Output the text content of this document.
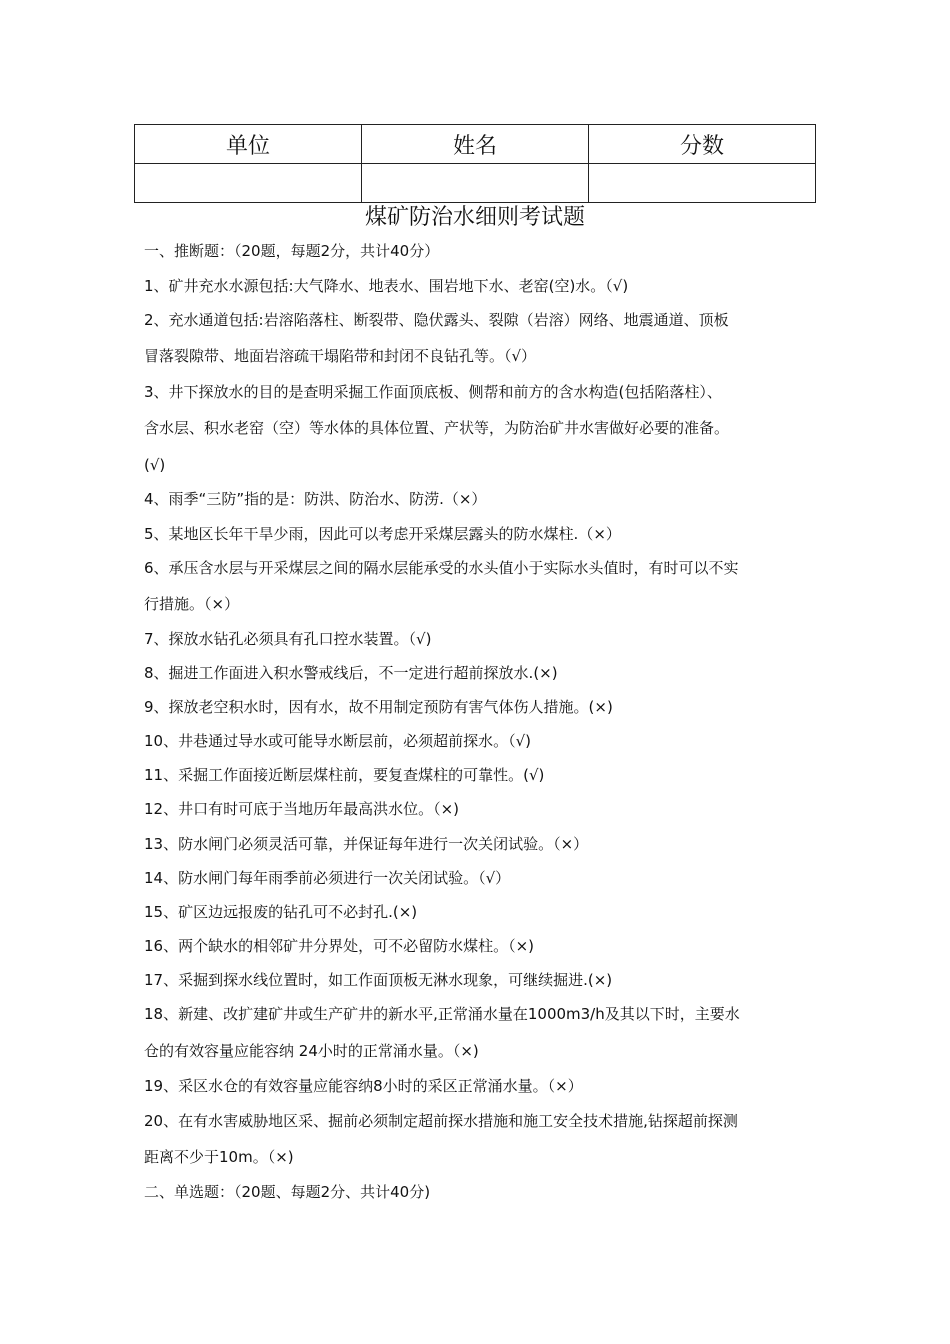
单位	姓名	分数

煤矿防治水细则考试题
一、推断题：（20题，每题2分，共计40分）
1、矿井充水水源包括:大气降水、地表水、围岩地下水、老窑(空)水。（√)
2、充水通道包括:岩溶陷落柱、断裂带、隐伏露头、裂隙（岩溶）网络、地震通道、顶板
冒落裂隙带、地面岩溶疏干塌陷带和封闭不良钻孔等。（√）
3、井下探放水的目的是查明采掘工作面顶底板、侧帮和前方的含水构造(包括陷落柱）、
含水层、积水老窑（空）等水体的具体位置、产状等，为防治矿井水害做好必要的准备。
(√)
4、雨季“三防”指的是：防洪、防治水、防涝.（×）
5、某地区长年干旱少雨，因此可以考虑开采煤层露头的防水煤柱.（×）
6、承压含水层与开采煤层之间的隔水层能承受的水头值小于实际水头值时，有时可以不实
行措施。（×）
7、探放水钻孔必须具有孔口控水装置。（√)
8、掘进工作面进入积水警戒线后，不一定进行超前探放水.(×)
9、探放老空积水时，因有水，故不用制定预防有害气体伤人措施。(×)
10、井巷通过导水或可能导水断层前，必须超前探水。（√)
11、采掘工作面接近断层煤柱前，要复查煤柱的可靠性。(√)
12、井口有时可底于当地历年最高洪水位。（×)
13、防水闸门必须灵活可靠，并保证每年进行一次关闭试验。（×）
14、防水闸门每年雨季前必须进行一次关闭试验。（√）
15、矿区边远报废的钻孔可不必封孔.(×)
16、两个缺水的相邻矿井分界处，可不必留防水煤柱。（×)
17、采掘到探水线位置时，如工作面顶板无淋水现象，可继续掘进.(×)
18、新建、改扩建矿井或生产矿井的新水平,正常涌水量在1000m3/h及其以下时，主要水
仓的有效容量应能容纳 24小时的正常涌水量。（×)
19、采区水仓的有效容量应能容纳8小时的采区正常涌水量。（×）
20、在有水害威胁地区采、掘前必须制定超前探水措施和施工安全技术措施,钻探超前探测
距离不少于10m。（×)
二、单选题：（20题、每题2分、共计40分)
